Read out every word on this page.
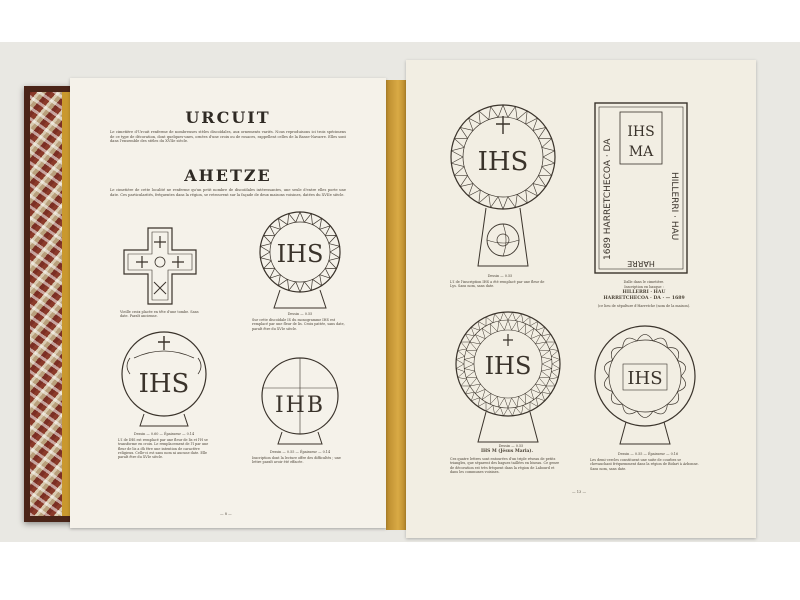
URCUIT
Le cimetière d'Urcuit renferme de nombreuses stèles discoïdales, aux ornements variés. Nous reproduisons ici trois spécimens de ce type de décoration, dont quelques-unes, ornées d'une croix ou de rosaces, rappellent celles de la Basse-Navarre. Elles sont dans l'ensemble des stèles du XVIIe siècle.
AHETZE
Le cimetière de cette localité ne renferme qu'un petit nombre de discoïdales intéressantes, une seule d'entre elles porte une date. Ces particularités, fréquentes dans la région, se retrouvent sur la façade de deux maisons voisines, datées du XVIIe siècle.
Vieille croix placée en tête d'une tombe. Sans date. Paraît ancienne.
IHS
Dessin — 0.55
Sur cette discoïdale IS du monogramme IHS est remplacé par une fleur de lis. Croix pattée, sans date, paraît être du XVIe siècle.
IHS
Dessin — 0.60 — Épaisseur — 0.14
L'I de IHS est remplacé par une fleur de lis et l'H se transforme en croix. Le remplacement de l'I par une fleur de lis a dû être une intention de caractère religieux. Celle-ci est sans nom ni aucune date. Elle paraît être du XVIe siècle.
IHB
Dessin — 0.55 — Épaisseur — 0.14
Inscription dont la lecture offre des difficultés ; une lettre paraît avoir été effacée.
— 8 —
IHS
Dessin — 0.55
L'I de l'inscription IHS a été remplacé par une fleur de Lys. Sans nom, sans date.
IHS
MA
1689 HARRETCHECOA · DA	HILLERRI · HAU
HARRE
Dalle dans le cimetière.
Inscription en basque :
HILLERRI · HAU
HARRETCHECOA · DA · — 1689
(ce lieu de sépulture d'Harretche (nom de la maison).
IHS
Dessin — 0.55
IHS M (Jésus Maria).
Ces quatre lettres sont entourées d'un triple réseau de petits triangles, que séparent des bagues taillées en biseau. Ce genre de décoration est très fréquent dans la région de Labourd et dans les communes voisines.
IHS
Dessin — 0.55 — Épaisseur — 0.16
Les demi-cercles constituent une suite de courbes se chevauchant fréquemment dans la région de Bidart à Arbonne. Sans nom, sans date.
— 13 —
